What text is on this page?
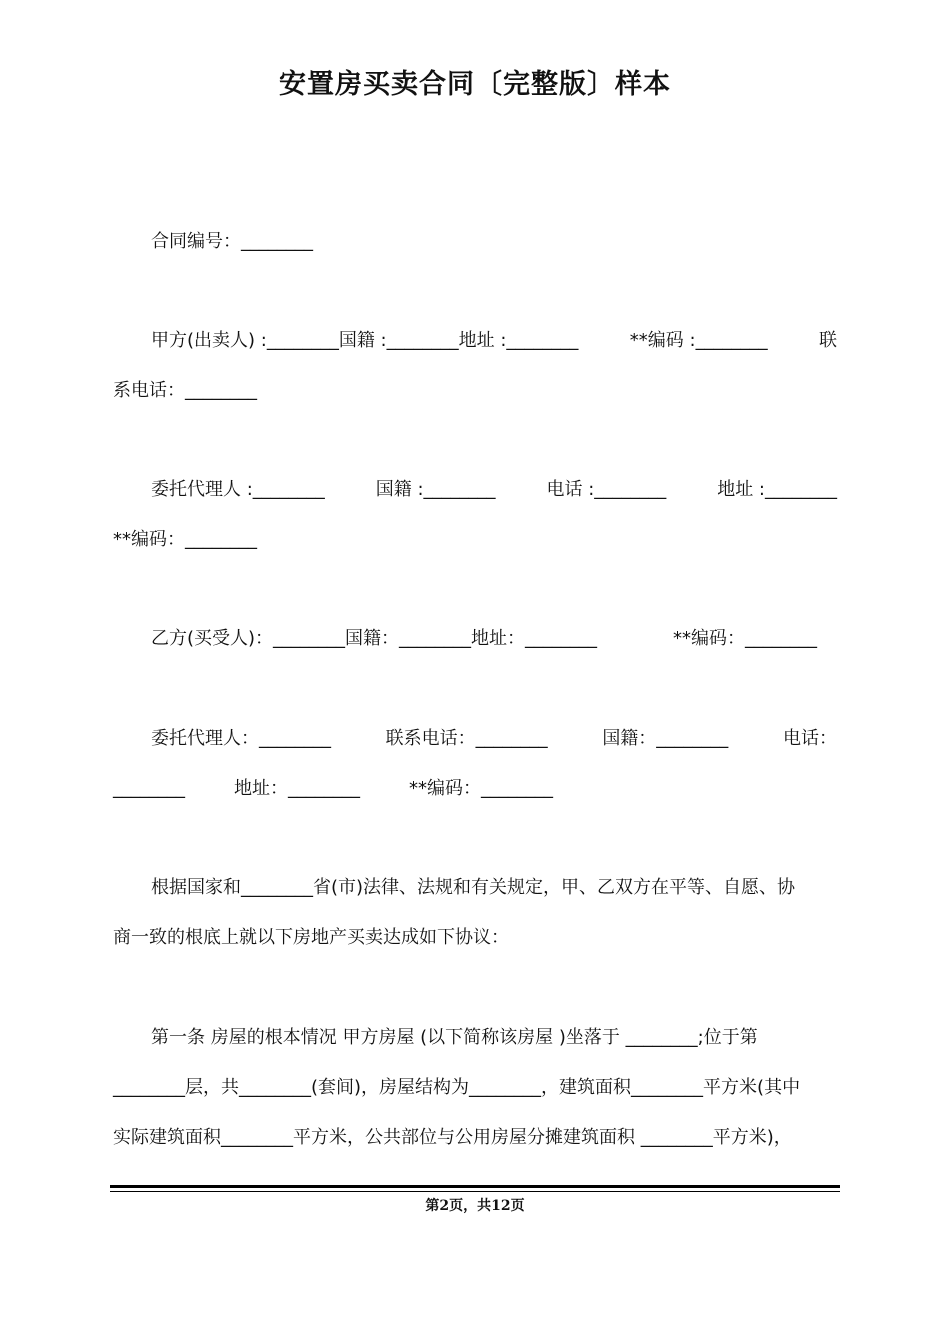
安置房买卖合同〔完整版〕样本
合同编号：________
甲方(出卖人) :________国籍 :________地址 :________	**编码 :________	联
系电话：________
委托代理人 :________	国籍 :________	电话 :________	地址 :________
**编码：________
乙方(买受人)：________国籍：________地址：________	**编码：________
委托代理人：________	联系电话：________	国籍：________	电话：
________	地址：________	**编码：________
根据国家和________省(市)法律、法规和有关规定，甲、乙双方在平等、自愿、协
商一致的根底上就以下房地产买卖达成如下协议：
第一条 房屋的根本情况 甲方房屋 (以下简称该房屋 )坐落于 ________;位于第
________层，共________(套间)，房屋结构为________，建筑面积________平方米(其中
实际建筑面积________平方米，公共部位与公用房屋分摊建筑面积 ________平方米)，
第2页，共12页
